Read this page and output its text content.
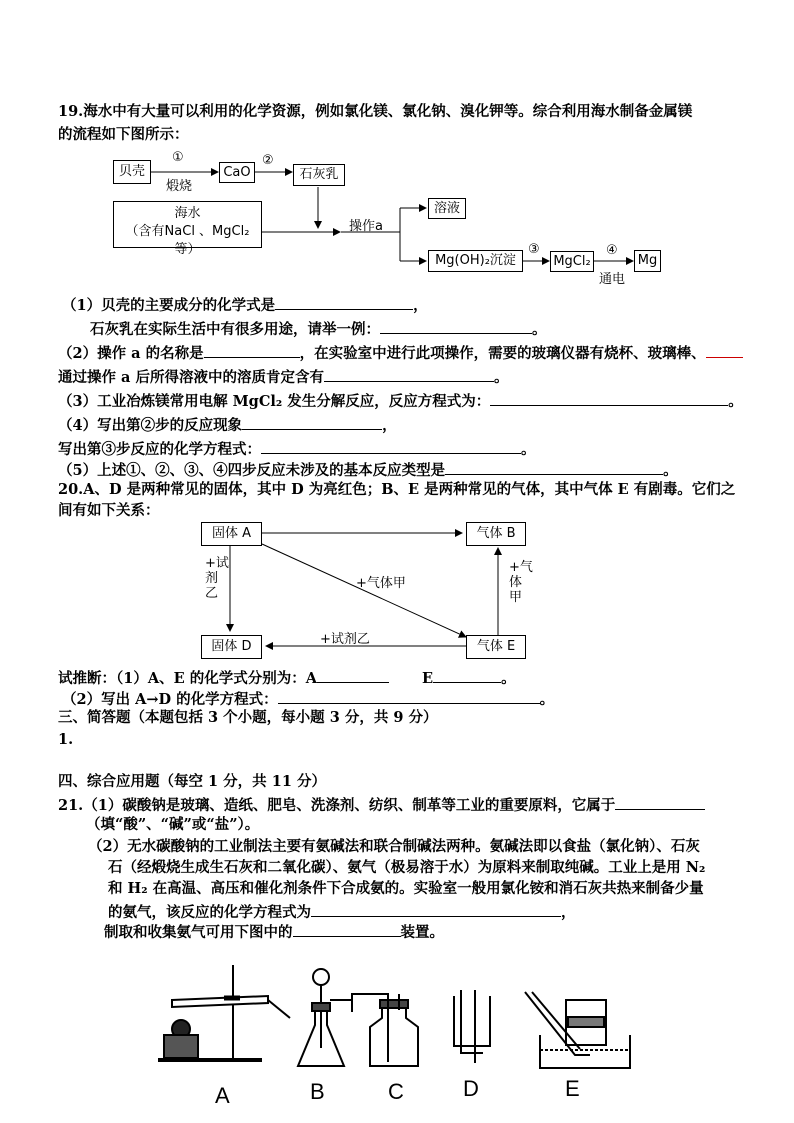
19.海水中有大量可以利用的化学资源，例如氯化镁、氯化钠、溴化钾等。综合利用海水制备金属镁
的流程如下图所示：
贝壳
①
煅烧
CaO
②
石灰乳
海水
（含有NaCl 、MgCl₂ 等）
操作a
溶液
Mg(OH)₂沉淀
③
MgCl₂
④
通电
Mg
（1）贝壳的主要成分的化学式是	，
石灰乳在实际生活中有很多用途，请举一例：	。
（2）操作 a 的名称是	，在实验室中进行此项操作，需要的玻璃仪器有烧杯、玻璃棒、
通过操作 a 后所得溶液中的溶质肯定含有	。
（3）工业冶炼镁常用电解 MgCl₂ 发生分解反应，反应方程式为：	。
（4）写出第②步的反应现象	，
写出第③步反应的化学方程式：	。
（5）上述①、②、③、④四步反应未涉及的基本反应类型是	。
20.A、D 是两种常见的固体，其中 D 为亮红色；B、E 是两种常见的气体，其中气体 E 有剧毒。它们之
间有如下关系：
固体 A	气体 B
固体 D	气体 E
+气体甲
+试剂乙
+试剂乙
+气体甲
试推断：（1）A、E 的化学式分别为：A	E	。
（2）写出 A→D 的化学方程式：	。
三、简答题（本题包括 3 个小题，每小题 3 分，共 9 分）
1.
四、综合应用题（每空 1 分，共 11 分）
21.（1）碳酸钠是玻璃、造纸、肥皂、洗涤剂、纺织、制革等工业的重要原料，它属于
（填“酸”、“碱”或“盐”）。
（2）无水碳酸钠的工业制法主要有氨碱法和联合制碱法两种。氨碱法即以食盐（氯化钠）、石灰
石（经煅烧生成生石灰和二氧化碳）、氨气（极易溶于水）为原料来制取纯碱。工业上是用 N₂
和 H₂ 在高温、高压和催化剂条件下合成氨的。实验室一般用氯化铵和消石灰共热来制备少量
的氨气，该反应的化学方程式为	，
制取和收集氨气可用下图中的	装置。
A	B	C	D	E
